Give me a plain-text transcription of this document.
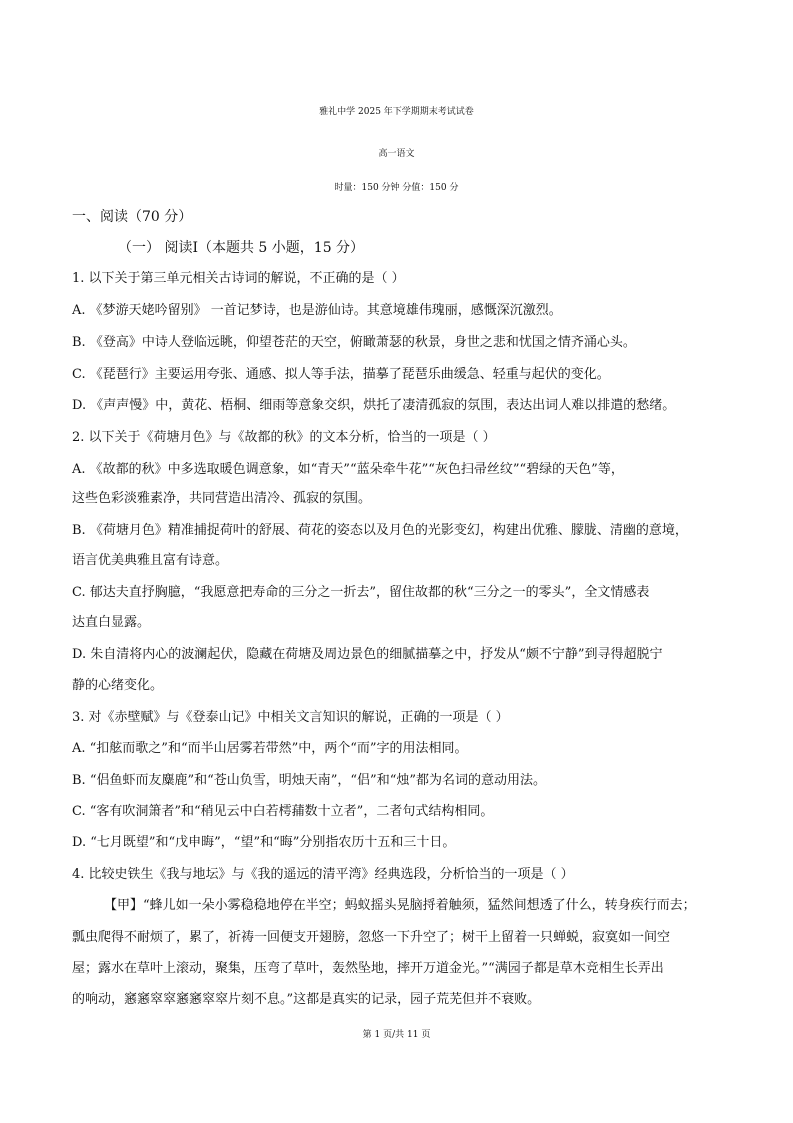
雅礼中学 2025 年下学期期末考试试卷
高一语文
时量：150 分钟 分值：150 分
一、阅读（70 分）
（一） 阅读Ⅰ（本题共 5 小题，15 分）
1. 以下关于第三单元相关古诗词的解说，不正确的是（ ）
A. 《梦游天姥吟留别》 一首记梦诗，也是游仙诗。其意境雄伟瑰丽，感慨深沉激烈。
B. 《登高》中诗人登临远眺，仰望苍茫的天空，俯瞰萧瑟的秋景，身世之悲和忧国之情齐涌心头。
C. 《琵琶行》主要运用夸张、通感、拟人等手法，描摹了琵琶乐曲缓急、轻重与起伏的变化。
D. 《声声慢》中，黄花、梧桐、细雨等意象交织，烘托了凄清孤寂的氛围，表达出词人难以排遣的愁绪。
2. 以下关于《荷塘月色》与《故都的秋》的文本分析，恰当的一项是（ ）
A. 《故都的秋》中多选取暖色调意象，如“青天”“蓝朵牵牛花”“灰色扫帚丝纹”“碧绿的天色”等，
这些色彩淡雅素净，共同营造出清冷、孤寂的氛围。
B. 《荷塘月色》精准捕捉荷叶的舒展、荷花的姿态以及月色的光影变幻，构建出优雅、朦胧、清幽的意境，
语言优美典雅且富有诗意。
C. 郁达夫直抒胸臆，“我愿意把寿命的三分之一折去”，留住故都的秋“三分之一的零头”，全文情感表
达直白显露。
D. 朱自清将内心的波澜起伏，隐藏在荷塘及周边景色的细腻描摹之中，抒发从“颇不宁静”到寻得超脱宁
静的心绪变化。
3. 对《赤壁赋》与《登泰山记》中相关文言知识的解说，正确的一项是（ ）
A. “扣舷而歌之”和“而半山居雾若带然”中，两个“而”字的用法相同。
B. “侣鱼虾而友麋鹿”和“苍山负雪，明烛天南”，“侣”和“烛”都为名词的意动用法。
C. “客有吹洞箫者”和“稍见云中白若樗蒱数十立者”，二者句式结构相同。
D. “七月既望”和“戊申晦”，“望”和“晦”分别指农历十五和三十日。
4. 比较史铁生《我与地坛》与《我的遥远的清平湾》经典选段，分析恰当的一项是（ ）
【甲】“蜂儿如一朵小雾稳稳地停在半空；蚂蚁摇头晃脑捋着触须，猛然间想透了什么，转身疾行而去；
瓢虫爬得不耐烦了，累了，祈祷一回便支开翅膀，忽悠一下升空了；树干上留着一只蝉蜕，寂寞如一间空
屋；露水在草叶上滚动，聚集，压弯了草叶，轰然坠地，摔开万道金光。”“满园子都是草木竞相生长弄出
的响动，窸窸窣窣窸窸窣窣片刻不息。”这都是真实的记录，园子荒芜但并不衰败。
第 1 页/共 11 页
